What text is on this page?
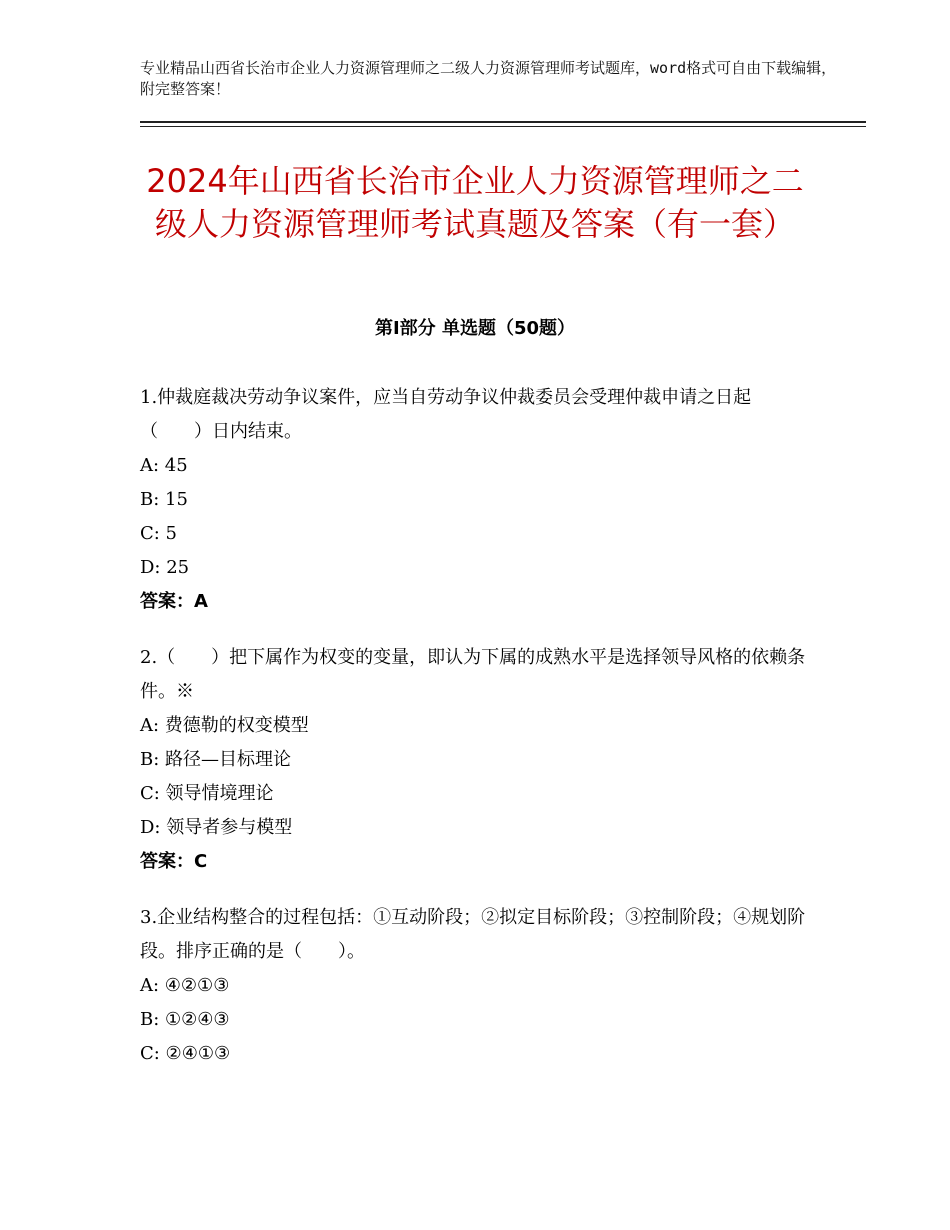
专业精品山西省长治市企业人力资源管理师之二级人力资源管理师考试题库，word格式可自由下载编辑，附完整答案！
2024年山西省长治市企业人力资源管理师之二级人力资源管理师考试真题及答案（有一套）
第Ⅰ部分 单选题（50题）

1.仲裁庭裁决劳动争议案件，应当自劳动争议仲裁委员会受理仲裁申请之日起（　　）日内结束。

A: 45

B: 15

C: 5

D: 25

答案：A

2.（　　）把下属作为权变的变量，即认为下属的成熟水平是选择领导风格的依赖条件。※

A: 费德勒的权变模型

B: 路径—目标理论

C: 领导情境理论

D: 领导者参与模型

答案：C

3.企业结构整合的过程包括：①互动阶段；②拟定目标阶段；③控制阶段；④规划阶段。排序正确的是（　　）。

A: ④②①③

B: ①②④③

C: ②④①③
